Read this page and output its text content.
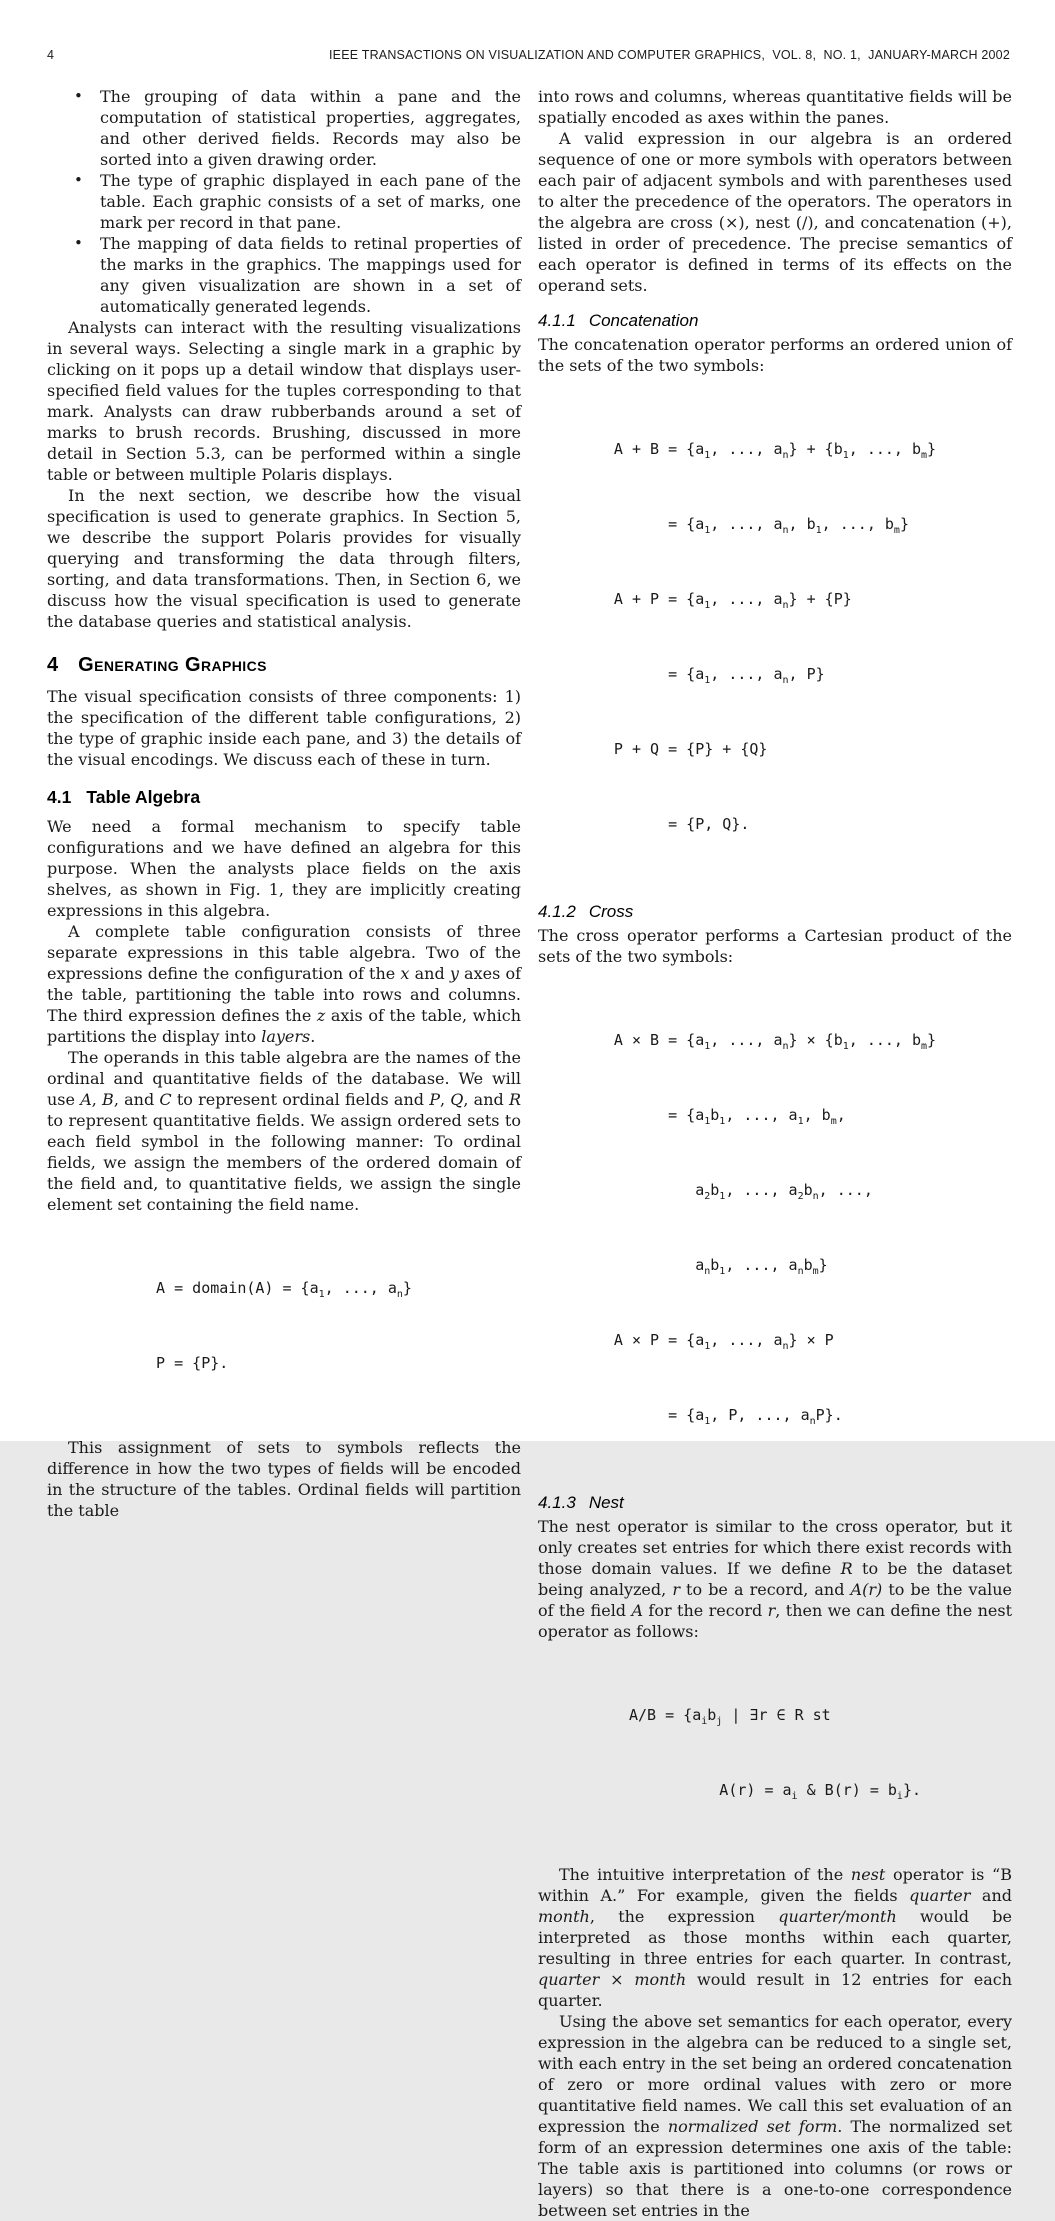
4	IEEE TRANSACTIONS ON VISUALIZATION AND COMPUTER GRAPHICS,  VOL. 8,  NO. 1,  JANUARY-MARCH 2002
•	The grouping of data within a pane and the computation of statistical properties, aggregates, and other derived fields. Records may also be sorted into a given drawing order.
•	The type of graphic displayed in each pane of the table. Each graphic consists of a set of marks, one mark per record in that pane.
•	The mapping of data fields to retinal properties of the marks in the graphics. The mappings used for any given visualization are shown in a set of automatically generated legends.

Analysts can interact with the resulting visualizations in several ways. Selecting a single mark in a graphic by clicking on it pops up a detail window that displays user-specified field values for the tuples corresponding to that mark. Analysts can draw rubberbands around a set of marks to brush records. Brushing, discussed in more detail in Section 5.3, can be performed within a single table or between multiple Polaris displays.

In the next section, we describe how the visual specification is used to generate graphics. In Section 5, we describe the support Polaris provides for visually querying and transforming the data through filters, sorting, and data transformations. Then, in Section 6, we discuss how the visual specification is used to generate the database queries and statistical analysis.

4 Generating Graphics

The visual specification consists of three components: 1) the specification of the different table configurations, 2) the type of graphic inside each pane, and 3) the details of the visual encodings. We discuss each of these in turn.

4.1 Table Algebra

We need a formal mechanism to specify table configurations and we have defined an algebra for this purpose. When the analysts place fields on the axis shelves, as shown in Fig. 1, they are implicitly creating expressions in this algebra.

A complete table configuration consists of three separate expressions in this table algebra. Two of the expressions define the configuration of the x and y axes of the table, partitioning the table into rows and columns. The third expression defines the z axis of the table, which partitions the display into layers.

The operands in this table algebra are the names of the ordinal and quantitative fields of the database. We will use A, B, and C to represent ordinal fields and P, Q, and R to represent quantitative fields. We assign ordered sets to each field symbol in the following manner: To ordinal fields, we assign the members of the ordered domain of the field and, to quantitative fields, we assign the single element set containing the field name.

A = domain(A) = {$a_1$, ..., $a_n$}

P = {P}.

This assignment of sets to symbols reflects the difference in how the two types of fields will be encoded in the structure of the tables. Ordinal fields will partition the table

into rows and columns, whereas quantitative fields will be spatially encoded as axes within the panes.

A valid expression in our algebra is an ordered sequence of one or more symbols with operators between each pair of adjacent symbols and with parentheses used to alter the precedence of the operators. The operators in the algebra are cross (×), nest (/), and concatenation (+), listed in order of precedence. The precise semantics of each operator is defined in terms of its effects on the operand sets.

4.1.1 Concatenation

The concatenation operator performs an ordered union of the sets of the two symbols:

$A + B = \{a_1$, ..., $a_n\} + \{b_1$, ..., $b_m$}

= {$a_1$, ..., $a_n$, $b_1$, ..., $b_m$}

$A + P = \{a_1$, ..., $a_n\} + \{P\}$

= {$a_1$, ..., $a_n$, P}

P + Q = {P} + {Q}

= {P, Q}.

4.1.2 Cross

The cross operator performs a Cartesian product of the sets of the two symbols:

$A \times B = \{a_1$, ..., $a_n\} \times \{b_1$, ..., $b_m$}

= {$a_1b_1$, ..., $a_1$, $b_m$,

$a_2b_1$, ..., $a_2b_n$, ...,

$a_nb_1$, ..., $a_nb_m$}

$A \times P = \{a_1$, ..., $a_n\} \times P$

= {$a_1$, P, ..., $a_nP$}.

4.1.3 Nest

The nest operator is similar to the cross operator, but it only creates set entries for which there exist records with those domain values. If we define R to be the dataset being analyzed, r to be a record, and A(r) to be the value of the field A for the record r, then we can define the nest operator as follows:

$A/B = \{a_ib_j$ | ∃r ∈ R st

$A(r) = a_i$ & $B(r) = b_i$}.

The intuitive interpretation of the nest operator is “B within A.” For example, given the fields quarter and month, the expression quarter/month would be interpreted as those months within each quarter, resulting in three entries for each quarter. In contrast, quarter × month would result in 12 entries for each quarter.

Using the above set semantics for each operator, every expression in the algebra can be reduced to a single set, with each entry in the set being an ordered concatenation of zero or more ordinal values with zero or more quantitative field names. We call this set evaluation of an expression the normalized set form. The normalized set form of an expression determines one axis of the table: The table axis is partitioned into columns (or rows or layers) so that there is a one-to-one correspondence between set entries in the
